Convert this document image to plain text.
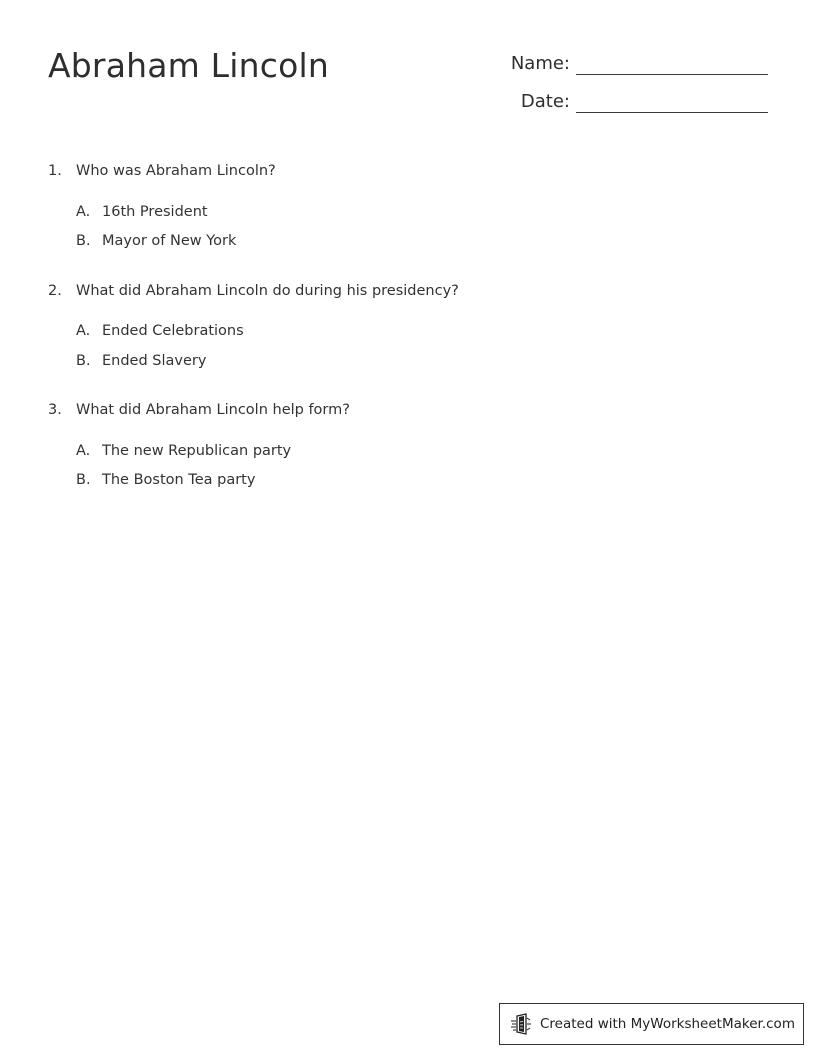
Abraham Lincoln	Name:
Date:
1. Who was Abraham Lincoln?
A. 16th President
B. Mayor of New York
2. What did Abraham Lincoln do during his presidency?
A. Ended Celebrations
B. Ended Slavery
3. What did Abraham Lincoln help form?
A. The new Republican party
B. The Boston Tea party
Created with MyWorksheetMaker.com
